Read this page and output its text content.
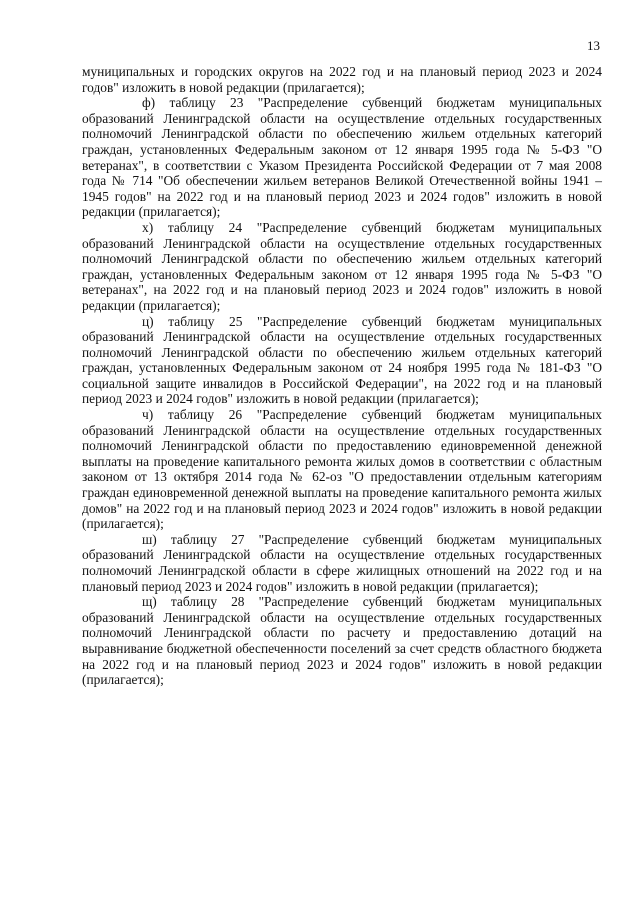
13

муниципальных и городских округов на 2022 год и на плановый период 2023 и 2024 годов" изложить в новой редакции (прилагается);

ф) таблицу 23 "Распределение субвенций бюджетам муниципальных образований Ленинградской области на осуществление отдельных государственных полномочий Ленинградской области по обеспечению жильем отдельных категорий граждан, установленных Федеральным законом от 12 января 1995 года № 5-ФЗ "О ветеранах", в соответствии с Указом Президента Российской Федерации от 7 мая 2008 года № 714 "Об обеспечении жильем ветеранов Великой Отечественной войны 1941 – 1945 годов" на 2022 год и на плановый период 2023 и 2024 годов" изложить в новой редакции (прилагается);

х) таблицу 24 "Распределение субвенций бюджетам муниципальных образований Ленинградской области на осуществление отдельных государственных полномочий Ленинградской области по обеспечению жильем отдельных категорий граждан, установленных Федеральным законом от 12 января 1995 года № 5-ФЗ "О ветеранах", на 2022 год и на плановый период 2023 и 2024 годов" изложить в новой редакции (прилагается);

ц) таблицу 25 "Распределение субвенций бюджетам муниципальных образований Ленинградской области на осуществление отдельных государственных полномочий Ленинградской области по обеспечению жильем отдельных категорий граждан, установленных Федеральным законом от 24 ноября 1995 года № 181-ФЗ "О социальной защите инвалидов в Российской Федерации", на 2022 год и на плановый период 2023 и 2024 годов" изложить в новой редакции (прилагается);

ч) таблицу 26 "Распределение субвенций бюджетам муниципальных образований Ленинградской области на осуществление отдельных государственных полномочий Ленинградской области по предоставлению единовременной денежной выплаты на проведение капитального ремонта жилых домов в соответствии с областным законом от 13 октября 2014 года № 62-оз "О предоставлении отдельным категориям граждан единовременной денежной выплаты на проведение капитального ремонта жилых домов" на 2022 год и на плановый период 2023 и 2024 годов" изложить в новой редакции (прилагается);

ш) таблицу 27 "Распределение субвенций бюджетам муниципальных образований Ленинградской области на осуществление отдельных государственных полномочий Ленинградской области в сфере жилищных отношений на 2022 год и на плановый период 2023 и 2024 годов" изложить в новой редакции (прилагается);

щ) таблицу 28 "Распределение субвенций бюджетам муниципальных образований Ленинградской области на осуществление отдельных государственных полномочий Ленинградской области по расчету и предоставлению дотаций на выравнивание бюджетной обеспеченности поселений за счет средств областного бюджета на 2022 год и на плановый период 2023 и 2024 годов" изложить в новой редакции (прилагается);
